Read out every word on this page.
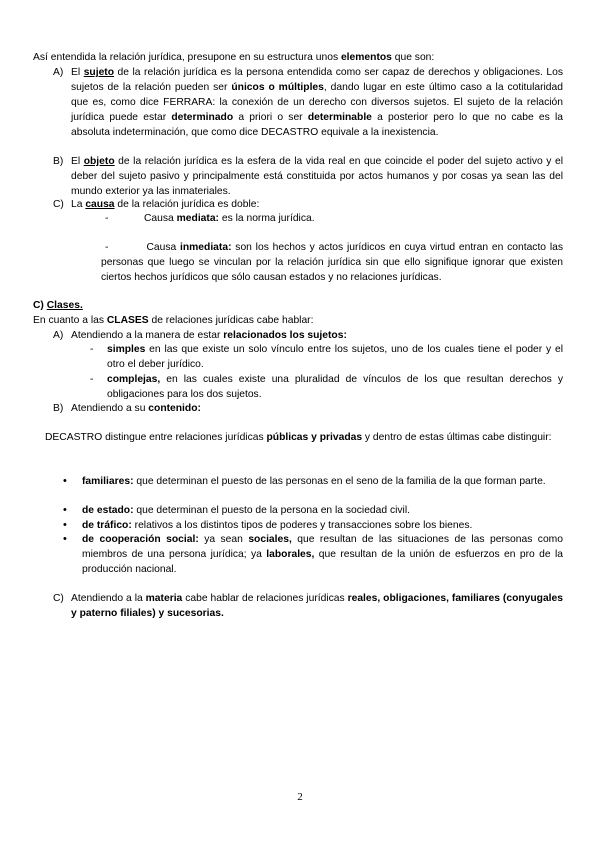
Así entendida la relación jurídica, presupone en su estructura unos elementos que son:

A) El sujeto de la relación jurídica es la persona entendida como ser capaz de derechos y obligaciones. Los sujetos de la relación pueden ser únicos o múltiples, dando lugar en este último caso a la cotitularidad que es, como dice FERRARA: la conexión de un derecho con diversos sujetos. El sujeto de la relación jurídica puede estar determinado a priori o ser determinable a posterior pero lo que no cabe es la absoluta indeterminación, que como dice DECASTRO equivale a la inexistencia.

B) El objeto de la relación jurídica es la esfera de la vida real en que coincide el poder del sujeto activo y el deber del sujeto pasivo y principalmente está constituida por actos humanos y por cosas ya sean las del mundo exterior ya las inmateriales.

C) La causa de la relación jurídica es doble:

-	Causa mediata: es la norma jurídica.

-	Causa inmediata: son los hechos y actos jurídicos en cuya virtud entran en contacto las personas que luego se vinculan por la relación jurídica sin que ello signifique ignorar que existen ciertos hechos jurídicos que sólo causan estados y no relaciones jurídicas.

C) Clases.

En cuanto a las CLASES de relaciones jurídicas cabe hablar:

A) Atendiendo a la manera de estar relacionados los sujetos:

- simples en las que existe un solo vínculo entre los sujetos, uno de los cuales tiene el poder y el otro el deber jurídico.

- complejas, en las cuales existe una pluralidad de vínculos de los que resultan derechos y obligaciones para los dos sujetos.

B) Atendiendo a su contenido:

DECASTRO distingue entre relaciones jurídicas públicas y privadas y dentro de estas últimas cabe distinguir:

• familiares: que determinan el puesto de las personas en el seno de la familia de la que forman parte.

• de estado: que determinan el puesto de la persona en la sociedad civil.

• de tráfico: relativos a los distintos tipos de poderes y transacciones sobre los bienes.

• de cooperación social: ya sean sociales, que resultan de las situaciones de las personas como miembros de una persona jurídica; ya laborales, que resultan de la unión de esfuerzos en pro de la producción nacional.

C) Atendiendo a la materia cabe hablar de relaciones jurídicas reales, obligaciones, familiares (conyugales y paterno filiales) y sucesorias.

2
